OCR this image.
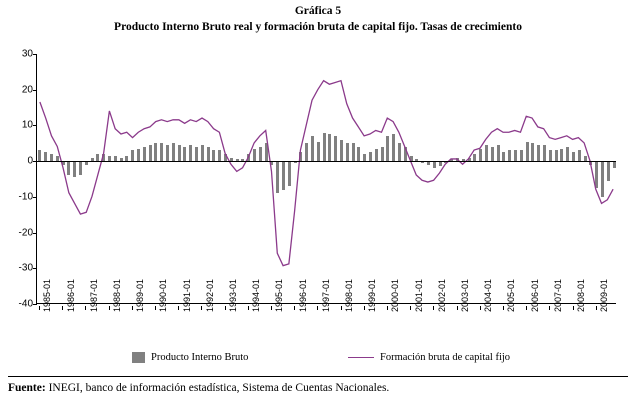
Gráfica 5
Producto Interno Bruto real y formación bruta de capital fijo. Tasas de crecimiento
30
20
10
0
-10
-20
-30
-40	1985-01 1986-01 1987-01 1988-01 1989-01 1990-01 1991-01 1992-01 1993-01 1994-01 1995-01 1996-01 1997-01 1998-01 1999-01 2000-01 2001-01 2002-01 2003-01 2004-01 2005-01 2006-01 2007-01 2008-01 2009-01
Producto Interno Bruto	Formación bruta de capital fijo
Fuente: INEGI, banco de información estadística, Sistema de Cuentas Nacionales.
